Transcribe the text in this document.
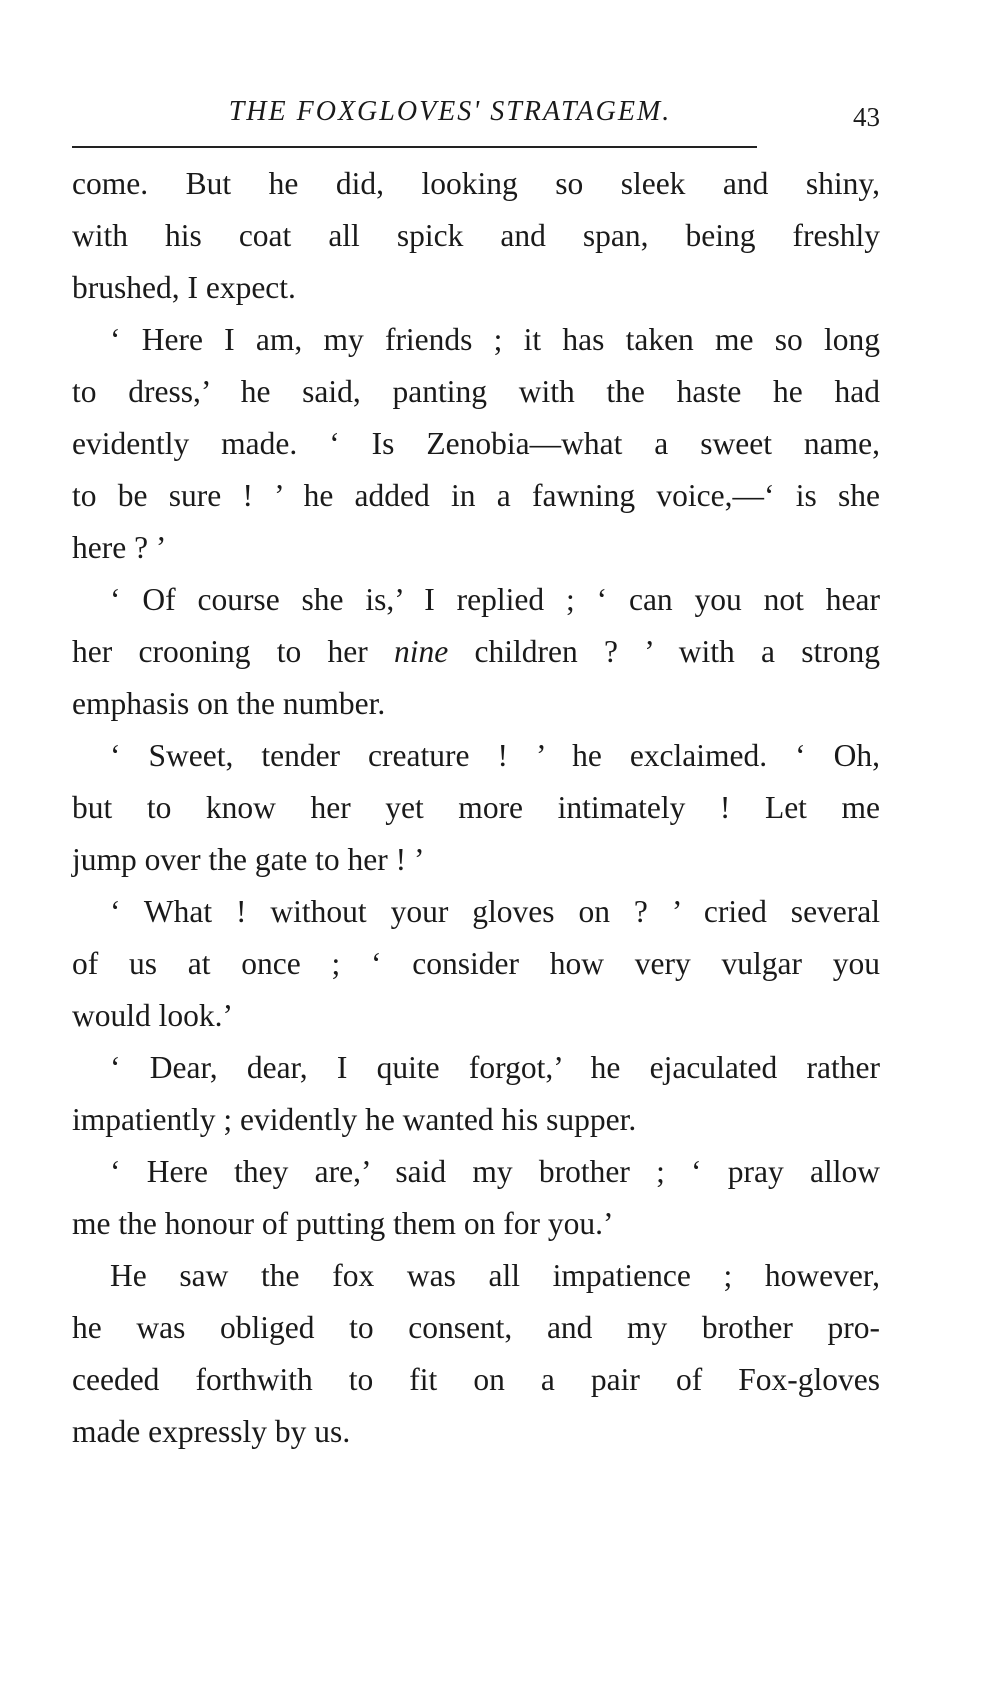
THE FOXGLOVES' STRATAGEM.	43
come. But he did, looking so sleek and shiny,
with his coat all spick and span, being freshly
brushed, I expect.
‘ Here I am, my friends ; it has taken me so long
to dress,’ he said, panting with the haste he had
evidently made. ‘ Is Zenobia—what a sweet name,
to be sure ! ’ he added in a fawning voice,—‘ is she
here ? ’
‘ Of course she is,’ I replied ; ‘ can you not hear
her crooning to her nine children ? ’ with a strong
emphasis on the number.
‘ Sweet, tender creature ! ’ he exclaimed. ‘ Oh,
but to know her yet more intimately ! Let me
jump over the gate to her ! ’
‘ What ! without your gloves on ? ’ cried several
of us at once ; ‘ consider how very vulgar you
would look.’
‘ Dear, dear, I quite forgot,’ he ejaculated rather
impatiently ; evidently he wanted his supper.
‘ Here they are,’ said my brother ; ‘ pray allow
me the honour of putting them on for you.’
He saw the fox was all impatience ; however,
he was obliged to consent, and my brother pro-
ceeded forthwith to fit on a pair of Fox-gloves
made expressly by us.
